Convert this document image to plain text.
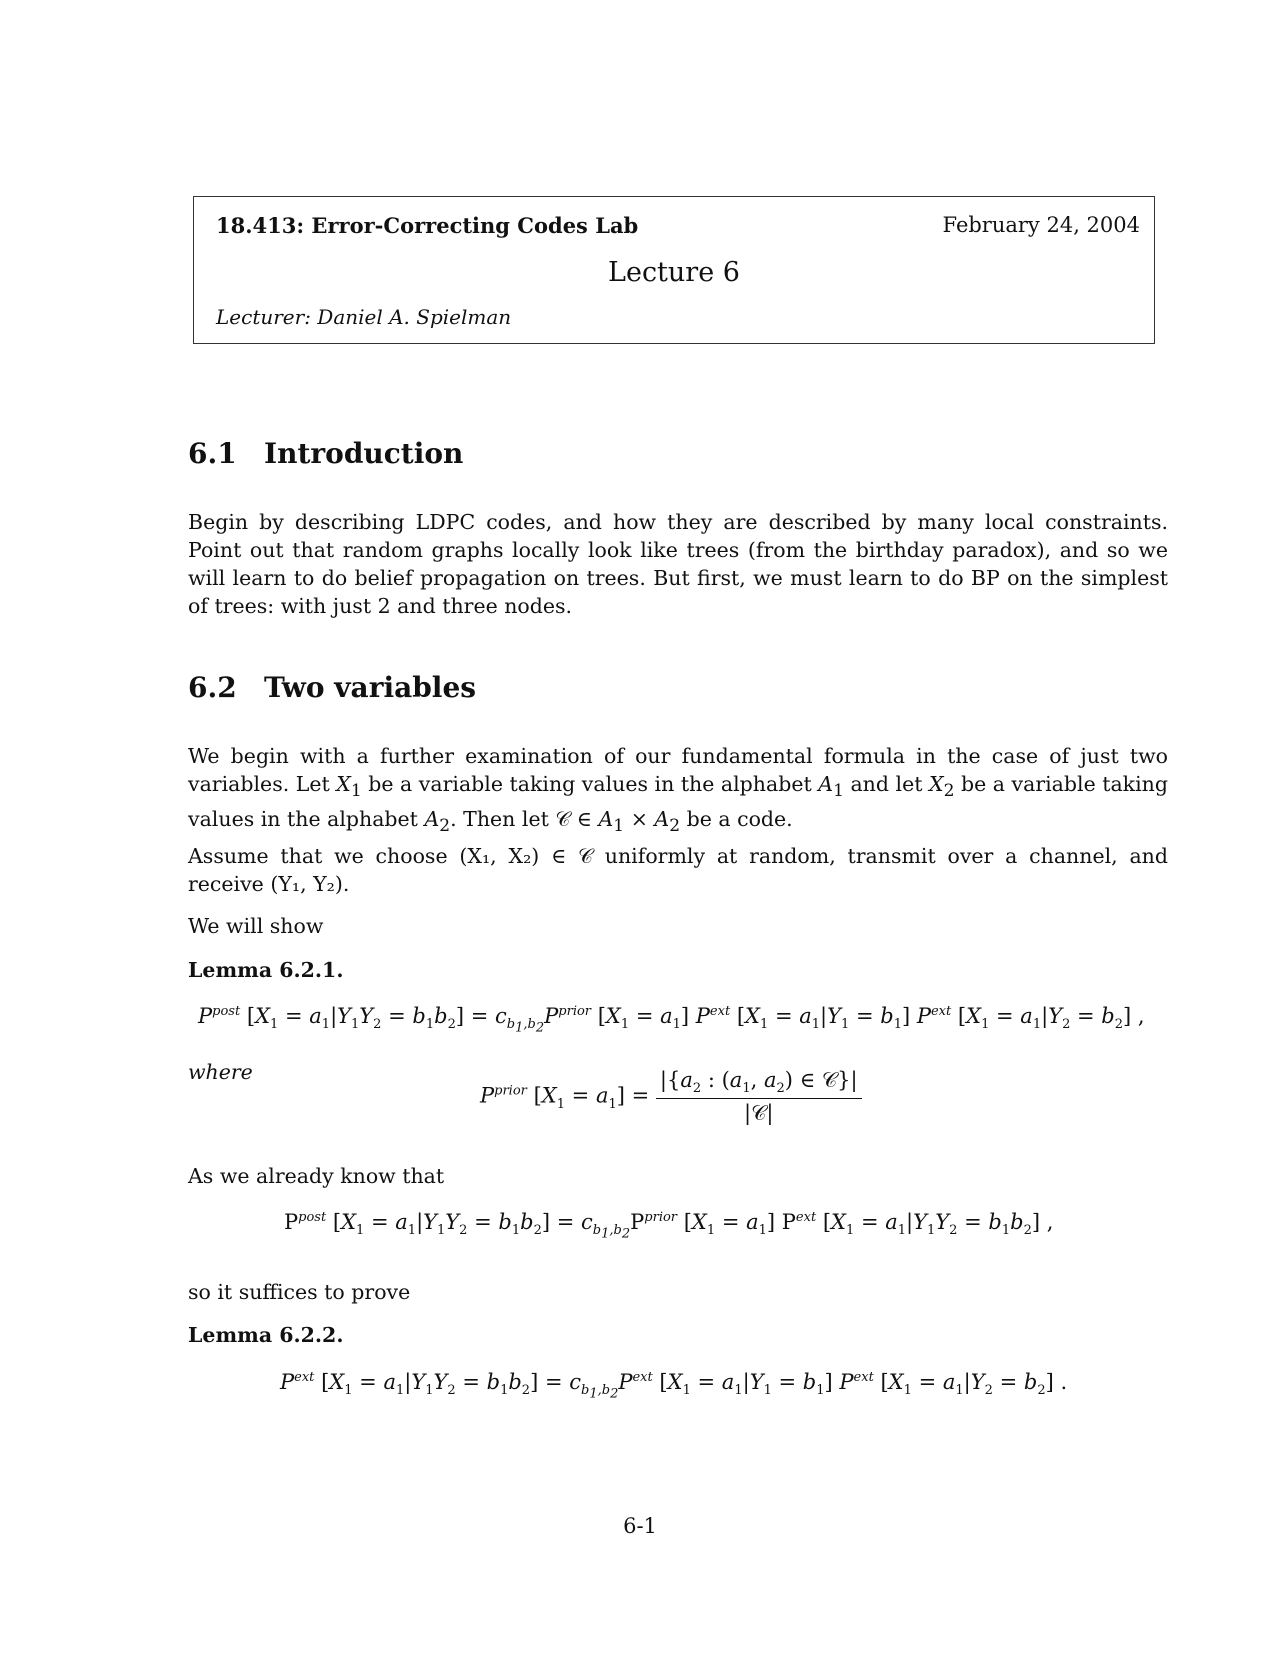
18.413: Error-Correcting Codes Lab	February 24, 2004
Lecture 6
Lecturer: Daniel A. Spielman
6.1 Introduction
Begin by describing LDPC codes, and how they are described by many local constraints. Point out that random graphs locally look like trees (from the birthday paradox), and so we will learn to do belief propagation on trees. But first, we must learn to do BP on the simplest of trees: with just 2 and three nodes.
6.2 Two variables
We begin with a further examination of our fundamental formula in the case of just two variables. Let $X_1$ be a variable taking values in the alphabet $A_1$ and let $X_2$ be a variable taking values in the alphabet $A_2$. Then let 𝒞 ∈ $A_1 \times A_2$ be a code.
Assume that we choose (X₁, X₂) ∈ 𝒞 uniformly at random, transmit over a channel, and receive (Y₁, Y₂).
We will show
Lemma 6.2.1.
$P^{post}$ $[X_1 = a_1|Y_1Y_2 = b_1b_2] = c_{b_1,b_2}P^{prior}$ $[X_1 = a_1]$ $P^{ext}$ $[X_1 = a_1|Y_1 = b_1]$ $P^{ext}$ $[X_1 = a_1|Y_2 = b_2]$ ,
where
$P^{prior}$ $[X_1 = a_1] = \frac{|\{a_2 : (a_1, a_2) \in 𝒞\}|}{\text{|𝒞|}}$
As we already know that
$P^{post}$ $[X_1 = a_1|Y_1Y_2 = b_1b_2] = c_{b_1,b_2}P^{prior}$ $[X_1 = a_1]$ $P^{ext}$ $[X_1 = a_1|Y_1Y_2 = b_1b_2]$ ,
so it suffices to prove
Lemma 6.2.2.
$P^{ext}$ $[X_1 = a_1|Y_1Y_2 = b_1b_2] = c_{b_1,b_2}P^{ext}$ $[X_1 = a_1|Y_1 = b_1]$ $P^{ext}$ $[X_1 = a_1|Y_2 = b_2]$ .
6-1
